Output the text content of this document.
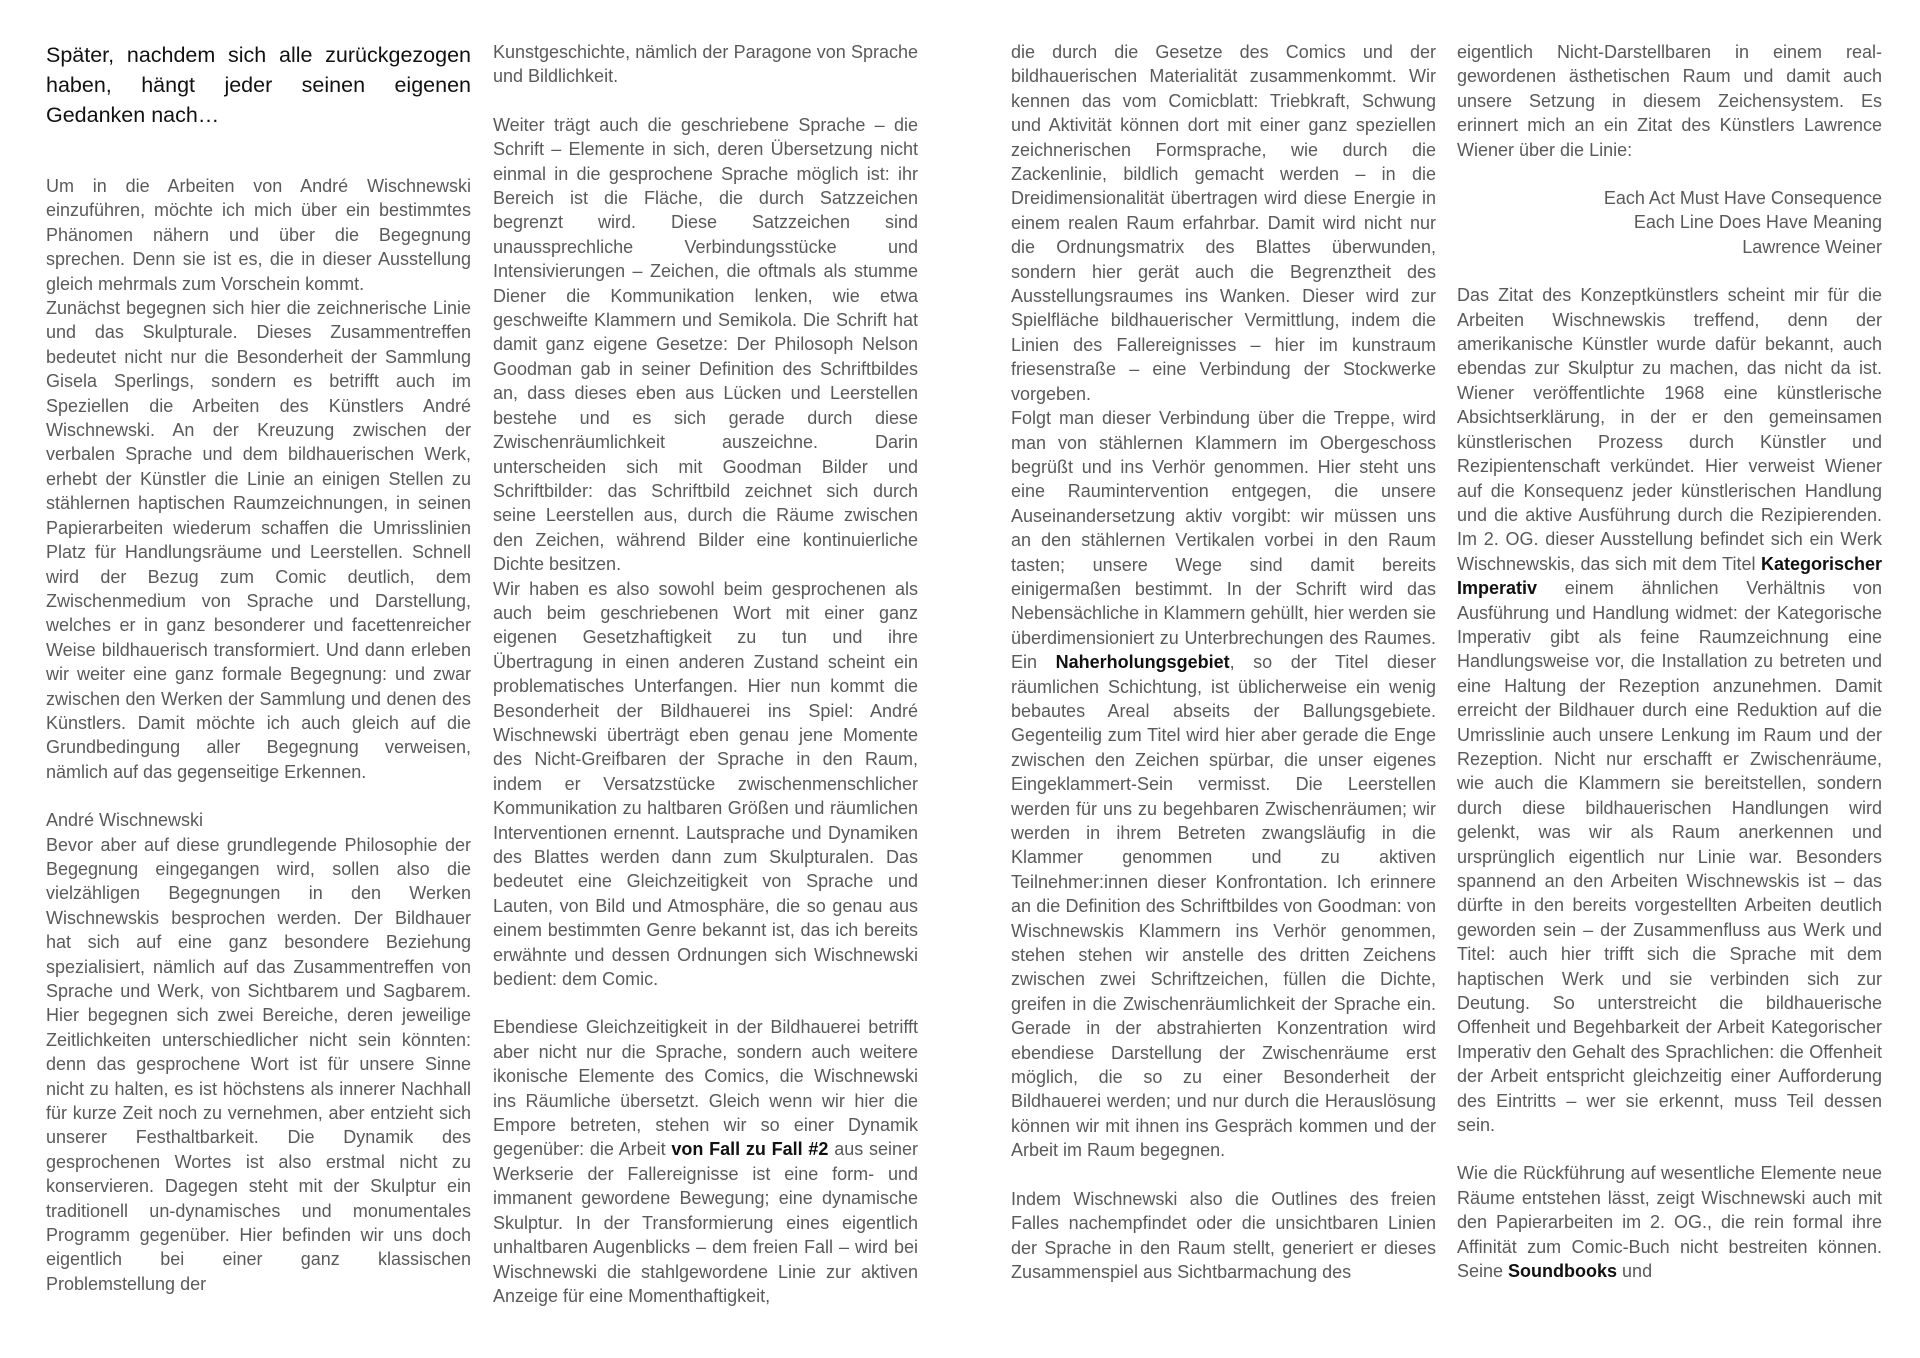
Später, nachdem sich alle zurückgezogen haben, hängt jeder seinen eigenen Gedanken nach…

Um in die Arbeiten von André Wischnewski einzuführen, möchte ich mich über ein bestimmtes Phänomen nähern und über die Begegnung sprechen. Denn sie ist es, die in dieser Ausstellung gleich mehrmals zum Vorschein kommt.

Zunächst begegnen sich hier die zeichnerische Linie und das Skulpturale. Dieses Zusammentreffen bedeutet nicht nur die Besonderheit der Sammlung Gisela Sperlings, sondern es betrifft auch im Speziellen die Arbeiten des Künstlers André Wischnewski. An der Kreuzung zwischen der verbalen Sprache und dem bildhauerischen Werk, erhebt der Künstler die Linie an einigen Stellen zu stählernen haptischen Raumzeichnungen, in seinen Papierarbeiten wiederum schaffen die Umrisslinien Platz für Handlungsräume und Leerstellen. Schnell wird der Bezug zum Comic deutlich, dem Zwischenmedium von Sprache und Darstellung, welches er in ganz besonderer und facettenreicher Weise bildhauerisch transformiert. Und dann erleben wir weiter eine ganz formale Begegnung: und zwar zwischen den Werken der Sammlung und denen des Künstlers. Damit möchte ich auch gleich auf die Grundbedingung aller Begegnung verweisen, nämlich auf das gegenseitige Erkennen.

André Wischnewski

Bevor aber auf diese grundlegende Philosophie der Begegnung eingegangen wird, sollen also die vielzähligen Begegnungen in den Werken Wischnewskis besprochen werden. Der Bildhauer hat sich auf eine ganz besondere Beziehung spezialisiert, nämlich auf das Zusammentreffen von Sprache und Werk, von Sichtbarem und Sagbarem. Hier begegnen sich zwei Bereiche, deren jeweilige Zeitlichkeiten unterschiedlicher nicht sein könnten: denn das gesprochene Wort ist für unsere Sinne nicht zu halten, es ist höchstens als innerer Nachhall für kurze Zeit noch zu vernehmen, aber entzieht sich unserer Festhaltbarkeit. Die Dynamik des gesprochenen Wortes ist also erstmal nicht zu konservieren. Dagegen steht mit der Skulptur ein traditionell un-dynamisches und monumentales Programm gegenüber. Hier befinden wir uns doch eigentlich bei einer ganz klassischen Problemstellung der

Kunstgeschichte, nämlich der Paragone von Sprache und Bildlichkeit.

Weiter trägt auch die geschriebene Sprache – die Schrift – Elemente in sich, deren Übersetzung nicht einmal in die gesprochene Sprache möglich ist: ihr Bereich ist die Fläche, die durch Satzzeichen begrenzt wird. Diese Satzzeichen sind unaussprechliche Verbindungsstücke und Intensivierungen – Zeichen, die oftmals als stumme Diener die Kommunikation lenken, wie etwa geschweifte Klammern und Semikola. Die Schrift hat damit ganz eigene Gesetze: Der Philosoph Nelson Goodman gab in seiner Definition des Schriftbildes an, dass dieses eben aus Lücken und Leerstellen bestehe und es sich gerade durch diese Zwischenräumlichkeit auszeichne. Darin unterscheiden sich mit Goodman Bilder und Schriftbilder: das Schriftbild zeichnet sich durch seine Leerstellen aus, durch die Räume zwischen den Zeichen, während Bilder eine kontinuierliche Dichte besitzen.

Wir haben es also sowohl beim gesprochenen als auch beim geschriebenen Wort mit einer ganz eigenen Gesetzhaftigkeit zu tun und ihre Übertragung in einen anderen Zustand scheint ein problematisches Unterfangen. Hier nun kommt die Besonderheit der Bildhauerei ins Spiel: André Wischnewski überträgt eben genau jene Momente des Nicht-Greifbaren der Sprache in den Raum, indem er Versatzstücke zwischenmenschlicher Kommunikation zu haltbaren Größen und räumlichen Interventionen ernennt. Lautsprache und Dynamiken des Blattes werden dann zum Skulpturalen. Das bedeutet eine Gleichzeitigkeit von Sprache und Lauten, von Bild und Atmosphäre, die so genau aus einem bestimmten Genre bekannt ist, das ich bereits erwähnte und dessen Ordnungen sich Wischnewski bedient: dem Comic.

Ebendiese Gleichzeitigkeit in der Bildhauerei betrifft aber nicht nur die Sprache, sondern auch weitere ikonische Elemente des Comics, die Wischnewski ins Räumliche übersetzt. Gleich wenn wir hier die Empore betreten, stehen wir so einer Dynamik gegenüber: die Arbeit von Fall zu Fall #2 aus seiner Werkserie der Fallereignisse ist eine form- und immanent gewordene Bewegung; eine dynamische Skulptur. In der Transformierung eines eigentlich unhaltbaren Augenblicks – dem freien Fall – wird bei Wischnewski die stahlgewordene Linie zur aktiven Anzeige für eine Momenthaftigkeit,

die durch die Gesetze des Comics und der bildhauerischen Materialität zusammenkommt. Wir kennen das vom Comicblatt: Triebkraft, Schwung und Aktivität können dort mit einer ganz speziellen zeichnerischen Formsprache, wie durch die Zackenlinie, bildlich gemacht werden – in die Dreidimensionalität übertragen wird diese Energie in einem realen Raum erfahrbar. Damit wird nicht nur die Ordnungsmatrix des Blattes überwunden, sondern hier gerät auch die Begrenztheit des Ausstellungsraumes ins Wanken. Dieser wird zur Spielfläche bildhauerischer Vermittlung, indem die Linien des Fallereignisses – hier im kunstraum friesenstraße – eine Verbindung der Stockwerke vorgeben.

Folgt man dieser Verbindung über die Treppe, wird man von stählernen Klammern im Obergeschoss begrüßt und ins Verhör genommen. Hier steht uns eine Rauminterventіon entgegen, die unsere Auseinandersetzung aktiv vorgibt: wir müssen uns an den stählernen Vertikalen vorbei in den Raum tasten; unsere Wege sind damit bereits einigermaßen bestimmt. In der Schrift wird das Nebensächliche in Klammern gehüllt, hier werden sie überdimensioniert zu Unterbrechungen des Raumes. Ein Naherholungsgebiet, so der Titel dieser räumlichen Schichtung, ist üblicherweise ein wenig bebautes Areal abseits der Ballungsgebiete. Gegenteilig zum Titel wird hier aber gerade die Enge zwischen den Zeichen spürbar, die unser eigenes Eingeklammert-Sein vermisst. Die Leerstellen werden für uns zu begehbaren Zwischenräumen; wir werden in ihrem Betreten zwangsläufig in die Klammer genommen und zu aktiven Teilnehmer:innen dieser Konfrontation. Ich erinnere an die Definition des Schriftbildes von Goodman: von Wischnewskis Klammern ins Verhör genommen, stehen stehen wir anstelle des dritten Zeichens zwischen zwei Schriftzeichen, füllen die Dichte, greifen in die Zwischenräumlichkeit der Sprache ein. Gerade in der abstrahierten Konzentration wird ebendiese Darstellung der Zwischenräume erst möglich, die so zu einer Besonderheit der Bildhauerei werden; und nur durch die Herauslösung können wir mit ihnen ins Gespräch kommen und der Arbeit im Raum begegnen.

Indem Wischnewski also die Outlines des freien Falles nachempfindet oder die unsichtbaren Linien der Sprache in den Raum stellt, generiert er dieses Zusammenspiel aus Sichtbarmachung des

eigentlich Nicht-Darstellbaren in einem real-gewordenen ästhetischen Raum und damit auch unsere Setzung in diesem Zeichensystem. Es erinnert mich an ein Zitat des Künstlers Lawrence Wiener über die Linie:

Each Act Must Have Consequence

Each Line Does Have Meaning

Lawrence Weiner

Das Zitat des Konzeptkünstlers scheint mir für die Arbeiten Wischnewskis treffend, denn der amerikanische Künstler wurde dafür bekannt, auch ebendas zur Skulptur zu machen, das nicht da ist. Wiener veröffentlichte 1968 eine künstlerische Absichtserklärung, in der er den gemeinsamen künstlerischen Prozess durch Künstler und Rezipientenschaft verkündet. Hier verweist Wiener auf die Konsequenz jeder künstlerischen Handlung und die aktive Ausführung durch die Rezipierenden. Im 2. OG. dieser Ausstellung befindet sich ein Werk Wischnewskis, das sich mit dem Titel Kategorischer Imperativ einem ähnlichen Verhältnis von Ausführung und Handlung widmet: der Kategorische Imperativ gibt als feine Raumzeichnung eine Handlungsweise vor, die Installation zu betreten und eine Haltung der Rezeption anzunehmen. Damit erreicht der Bildhauer durch eine Reduktion auf die Umrisslinie auch unsere Lenkung im Raum und der Rezeption. Nicht nur erschafft er Zwischenräume, wie auch die Klammern sie bereitstellen, sondern durch diese bildhauerischen Handlungen wird gelenkt, was wir als Raum anerkennen und ursprünglich eigentlich nur Linie war. Besonders spannend an den Arbeiten Wischnewskis ist – das dürfte in den bereits vorgestellten Arbeiten deutlich geworden sein – der Zusammenfluss aus Werk und Titel: auch hier trifft sich die Sprache mit dem haptischen Werk und sie verbinden sich zur Deutung. So unterstreicht die bildhauerische Offenheit und Begehbarkeit der Arbeit Kategorischer Imperativ den Gehalt des Sprachlichen: die Offenheit der Arbeit entspricht gleichzeitig einer Aufforderung des Eintritts – wer sie erkennt, muss Teil dessen sein.

Wie die Rückführung auf wesentliche Elemente neue Räume entstehen lässt, zeigt Wischnewski auch mit den Papierarbeiten im 2. OG., die rein formal ihre Affinität zum Comic-Buch nicht bestreiten können. Seine Soundbooks und
